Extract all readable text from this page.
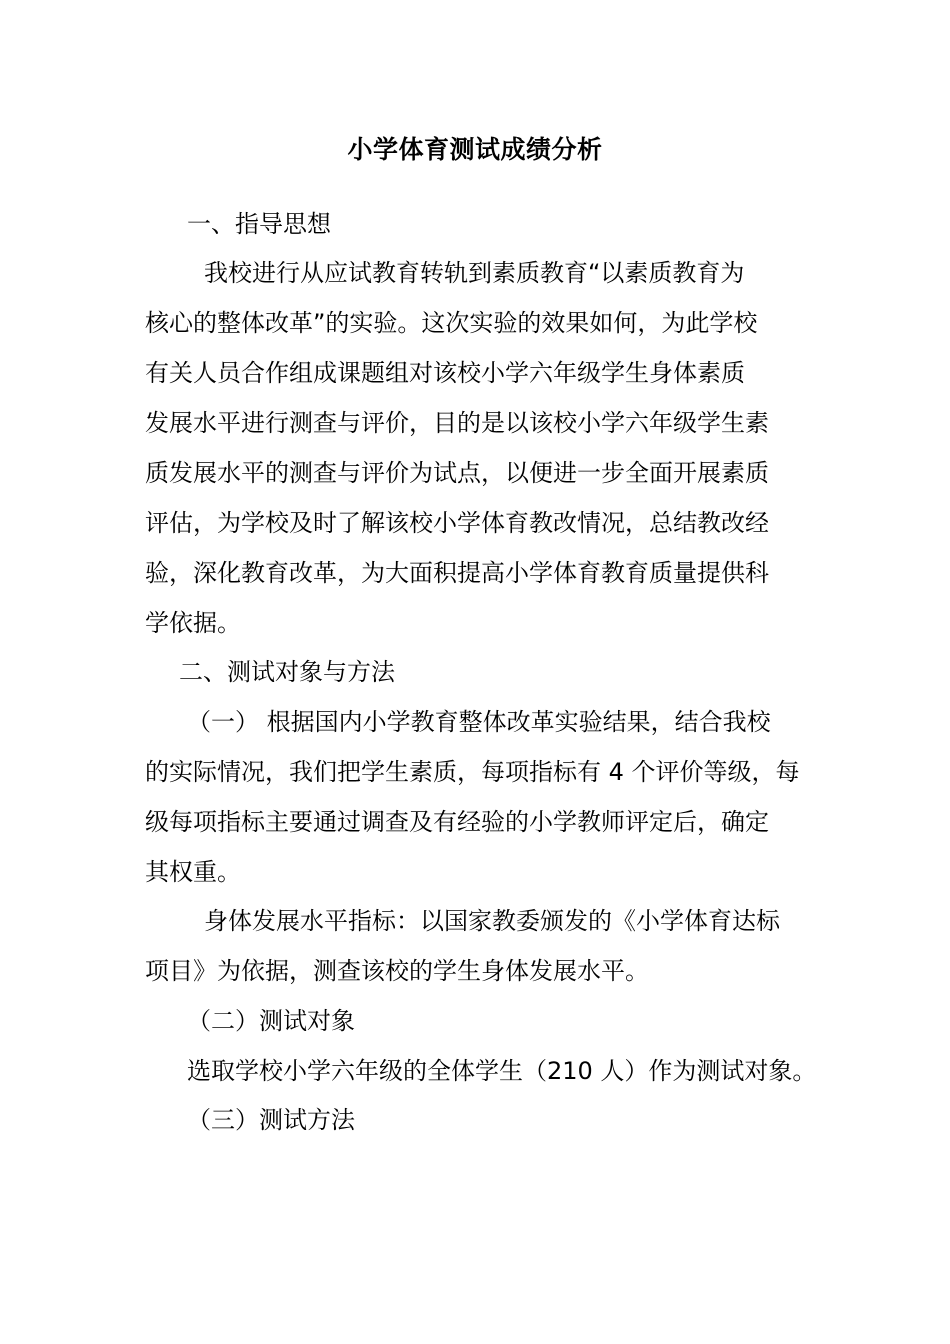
小学体育测试成绩分析
一、指导思想
我校进行从应试教育转轨到素质教育“以素质教育为
核心的整体改革”的实验。这次实验的效果如何，为此学校
有关人员合作组成课题组对该校小学六年级学生身体素质
发展水平进行测查与评价，目的是以该校小学六年级学生素
质发展水平的测查与评价为试点，以便进一步全面开展素质
评估，为学校及时了解该校小学体育教改情况，总结教改经
验，深化教育改革，为大面积提高小学体育教育质量提供科
学依据。
二、测试对象与方法
（一） 根据国内小学教育整体改革实验结果，结合我校
的实际情况，我们把学生素质，每项指标有 4 个评价等级，每
级每项指标主要通过调查及有经验的小学教师评定后，确定
其权重。
身体发展水平指标：以国家教委颁发的《小学体育达标
项目》为依据，测查该校的学生身体发展水平。
（二）测试对象
选取学校小学六年级的全体学生（210 人）作为测试对象。
（三）测试方法
